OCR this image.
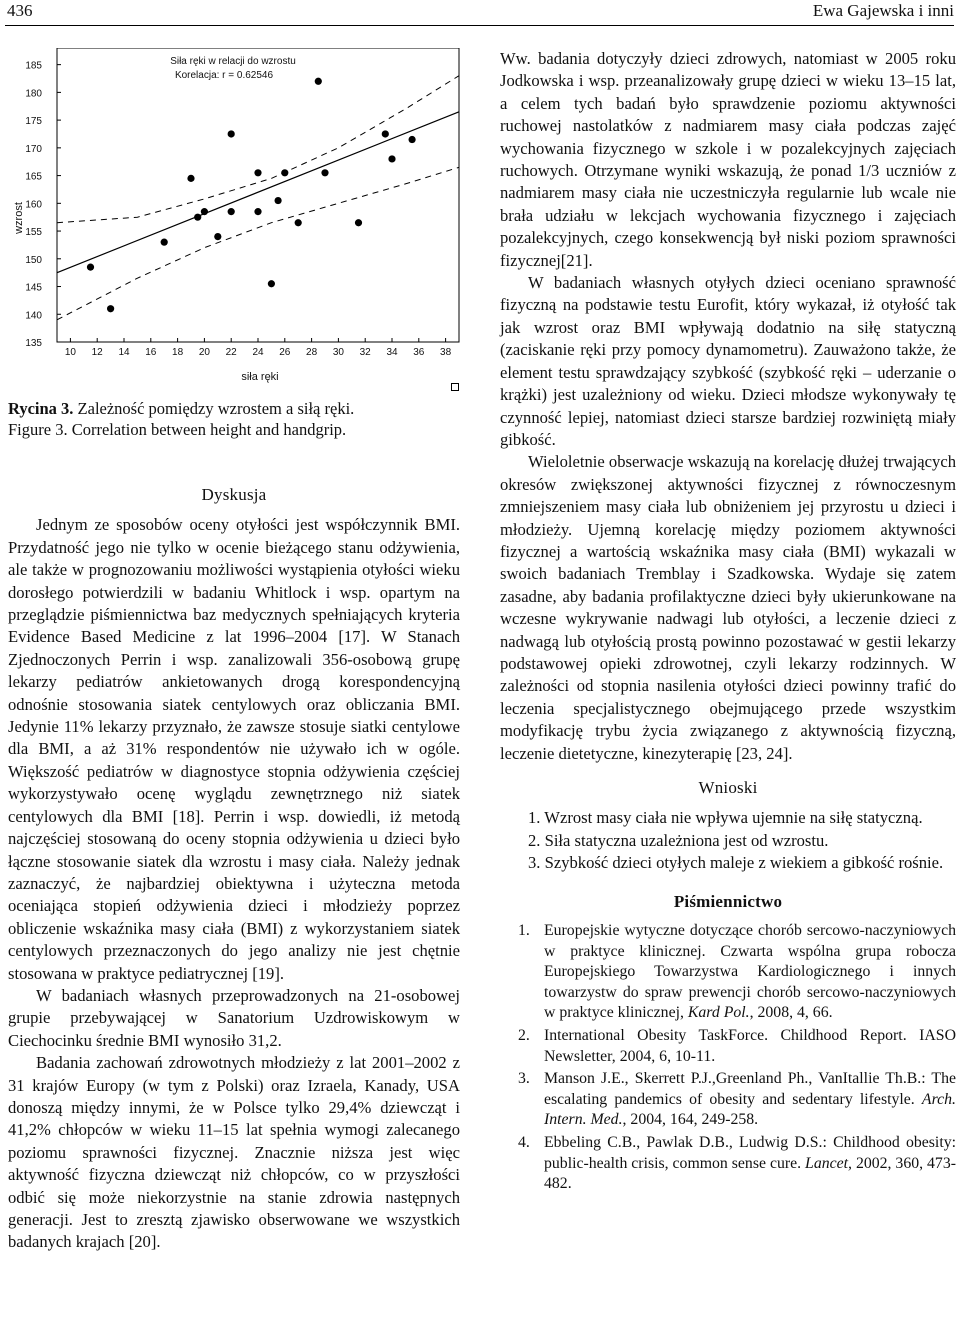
436	Ewa Gajewska i inni
Siła ręki w relacji do wzrostu
Korelacja: r = 0.62546
wzrost
siła ręki
135
140
145
150
155
160
165
170
175
180
185
10 12 14 16 18 20 22 24 26 28 30 32 34 36 38
Rycina 3. Zależność pomiędzy wzrostem a siłą ręki.
Figure 3. Correlation between height and handgrip.
Dyskusja

Jednym ze sposobów oceny otyłości jest współczynnik BMI. Przydatność jego nie tylko w ocenie bieżącego stanu odżywienia, ale także w prognozowaniu możliwości wystąpienia otyłości wieku dorosłego potwierdzili w badaniu Whitlock i wsp. opartym na przeglądzie piśmiennictwa baz medycznych spełniających kryteria Evidence Based Medicine z lat 1996–2004 [17]. W Stanach Zjednoczonych Perrin i wsp. zanalizowali 356-osobową grupę lekarzy pediatrów ankietowanych drogą korespondencyjną odnośnie stosowania siatek centylowych oraz obliczania BMI. Jedynie 11% lekarzy przyznało, że zawsze stosuje siatki centylowe dla BMI, a aż 31% respondentów nie używało ich w ogóle. Większość pediatrów w diagnostyce stopnia odżywienia częściej wykorzystywało ocenę wyglądu zewnętrznego niż siatek centylowych dla BMI [18]. Perrin i wsp. dowiedli, iż metodą najczęściej stosowaną do oceny stopnia odżywienia u dzieci było łączne stosowanie siatek dla wzrostu i masy ciała. Należy jednak zaznaczyć, że najbardziej obiektywna i użyteczna metoda oceniająca stopień odżywienia dzieci i młodzieży poprzez obliczenie wskaźnika masy ciała (BMI) z wykorzystaniem siatek centylowych przeznaczonych do jego analizy nie jest chętnie stosowana w praktyce pediatrycznej [19].

W badaniach własnych przeprowadzonych na 21-osobowej grupie przebywającej w Sanatorium Uzdrowiskowym w Ciechocinku średnie BMI wynosiło 31,2.

Badania zachowań zdrowotnych młodzieży z lat 2001–2002 z 31 krajów Europy (w tym z Polski) oraz Izraela, Kanady, USA donoszą między innymi, że w Polsce tylko 29,4% dziewcząt i 41,2% chłopców w wieku 11–15 lat spełnia wymogi zalecanego poziomu sprawności fizycznej. Znacznie niższa jest więc aktywność fizyczna dziewcząt niż chłopców, co w przyszłości odbić się może niekorzystnie na stanie zdrowia następnych generacji. Jest to zresztą zjawisko obserwowane we wszystkich badanych krajach [20].

Ww. badania dotyczyły dzieci zdrowych, natomiast w 2005 roku Jodkowska i wsp. przeanalizowały grupę dzieci w wieku 13–15 lat, a celem tych badań było sprawdzenie poziomu aktywności ruchowej nastolatków z nadmiarem masy ciała podczas zajęć wychowania fizycznego w szkole i w pozalekcyjnych zajęciach ruchowych. Otrzymane wyniki wskazują, że ponad 1/3 uczniów z nadmiarem masy ciała nie uczestniczyła regularnie lub wcale nie brała udziału w lekcjach wychowania fizycznego i zajęciach pozalekcyjnych, czego konsekwencją był niski poziom sprawności fizycznej[21].

W badaniach własnych otyłych dzieci oceniano sprawność fizyczną na podstawie testu Eurofit, który wykazał, iż otyłość tak jak wzrost oraz BMI wpływają dodatnio na siłę statyczną (zaciskanie ręki przy pomocy dynamometru). Zauważono także, że element testu sprawdzający szybkość (szybkość ręki – uderzanie o krążki) jest uzależniony od wieku. Dzieci młodsze wykonywały tę czynność lepiej, natomiast dzieci starsze bardziej rozwiniętą miały gibkość.

Wieloletnie obserwacje wskazują na korelację dłużej trwających okresów zwiększonej aktywności fizycznej z równoczesnym zmniejszeniem masy ciała lub obniżeniem jej przyrostu u dzieci i młodzieży. Ujemną korelację między poziomem aktywności fizycznej a wartością wskaźnika masy ciała (BMI) wykazali w swoich badaniach Tremblay i Szadkowska. Wydaje się zatem zasadne, aby badania profilaktyczne dzieci były ukierunkowane na wczesne wykrywanie nadwagi lub otyłości, a leczenie dzieci z nadwagą lub otyłością prostą powinno pozostawać w gestii lekarzy podstawowej opieki zdrowotnej, czyli lekarzy rodzinnych. W zależności od stopnia nasilenia otyłości dzieci powinny trafić do leczenia specjalistycznego obejmującego przede wszystkim modyfikację trybu życia związanego z aktywnością fizyczną, leczenie dietetyczne, kinezyterapię [23, 24].

Wnioski

1. Wzrost masy ciała nie wpływa ujemnie na siłę statyczną.

2. Siła statyczna uzależniona jest od wzrostu.

3. Szybkość dzieci otyłych maleje z wiekiem a gibkość rośnie.

Piśmiennictwo
1. Europejskie wytyczne dotyczące chorób sercowo-naczyniowych w praktyce klinicznej. Czwarta wspólna grupa robocza Europejskiego Towarzystwa Kardiologicznego i innych towarzystw do spraw prewencji chorób sercowo-naczyniowych w praktyce klinicznej, Kard Pol., 2008, 4, 66.
2. International Obesity TaskForce. Childhood Report. IASO Newsletter, 2004, 6, 10-11.
3. Manson J.E., Skerrett P.J.,Greenland Ph., VanItallie Th.B.: The escalating pandemics of obesity and sedentary lifestyle. Arch. Intern. Med., 2004, 164, 249-258.
4. Ebbeling C.B., Pawlak D.B., Ludwig D.S.: Childhood obesity: public-health crisis, common sense cure. Lancet, 2002, 360, 473-482.
